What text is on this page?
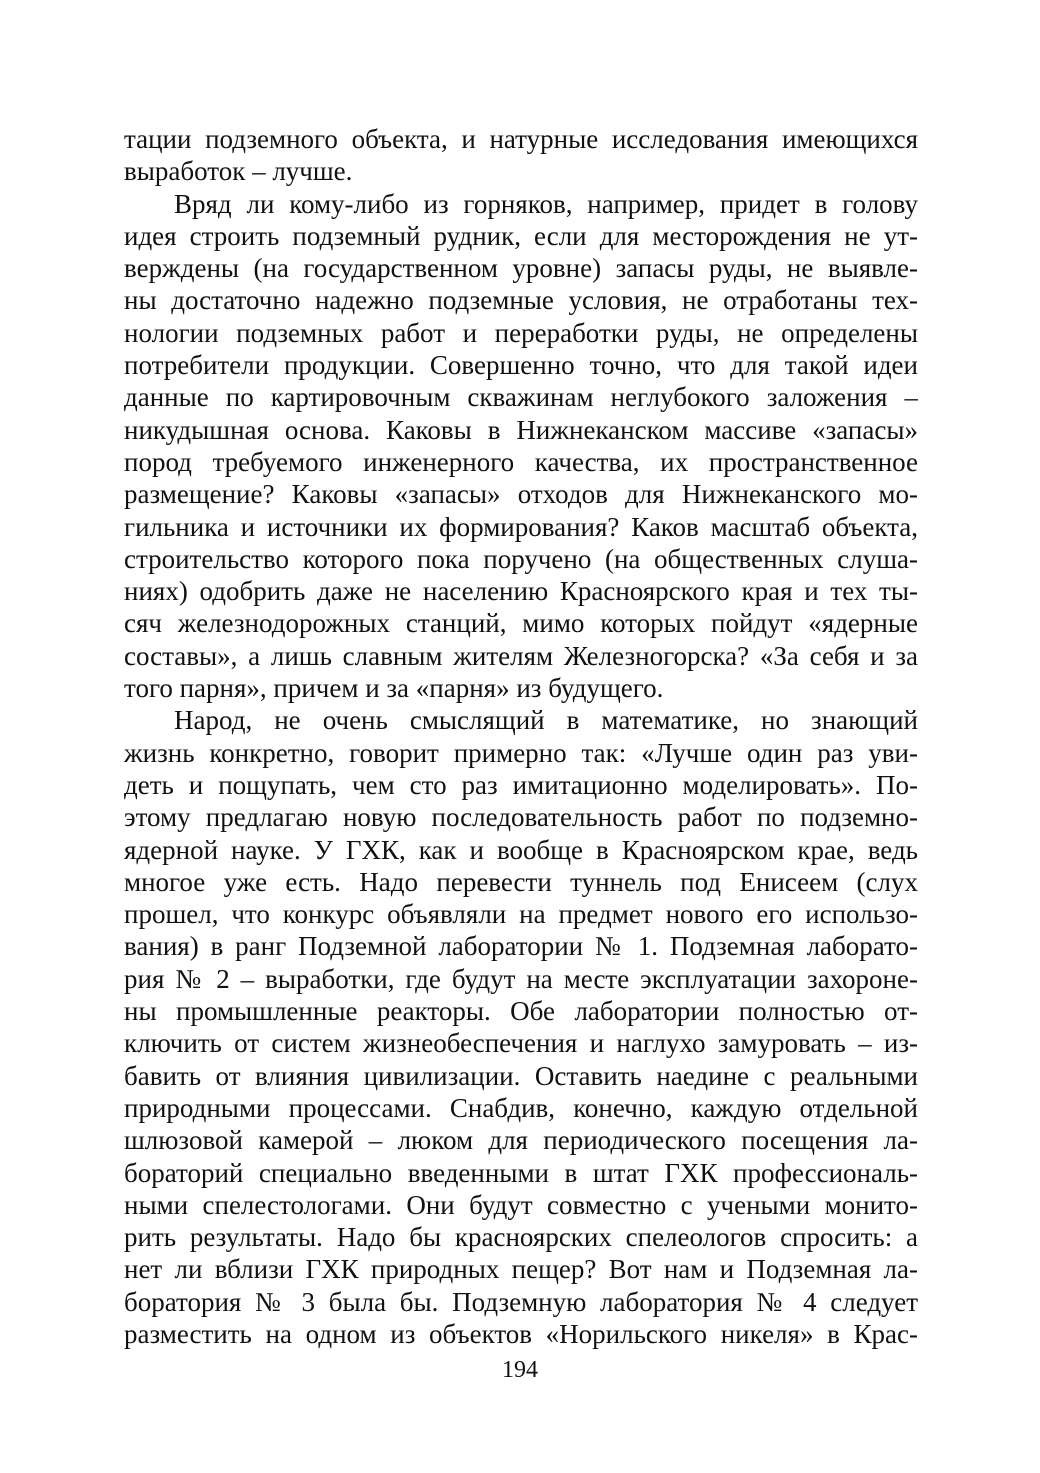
тации подземного объекта, и натурные исследования имеющихся
выработок – лучше.
Вряд ли кому-либо из горняков, например, придет в голову
идея строить подземный рудник, если для месторождения не ут-
верждены (на государственном уровне) запасы руды, не выявле-
ны достаточно надежно подземные условия, не отработаны тех-
нологии подземных работ и переработки руды, не определены
потребители продукции. Совершенно точно, что для такой идеи
данные по картировочным скважинам неглубокого заложения –
никудышная основа. Каковы в Нижнеканском массиве «запасы»
пород требуемого инженерного качества, их пространственное
размещение? Каковы «запасы» отходов для Нижнеканского мо-
гильника и источники их формирования? Каков масштаб объекта,
строительство которого пока поручено (на общественных слуша-
ниях) одобрить даже не населению Красноярского края и тех ты-
сяч железнодорожных станций, мимо которых пойдут «ядерные
составы», а лишь славным жителям Железногорска? «За себя и за
того парня», причем и за «парня» из будущего.
Народ, не очень смыслящий в математике, но знающий
жизнь конкретно, говорит примерно так: «Лучше один раз уви-
деть и пощупать, чем сто раз имитационно моделировать». По-
этому предлагаю новую последовательность работ по подземно-
ядерной науке. У ГХК, как и вообще в Красноярском крае, ведь
многое уже есть. Надо перевести туннель под Енисеем (слух
прошел, что конкурс объявляли на предмет нового его использо-
вания) в ранг Подземной лаборатории № 1. Подземная лаборато-
рия № 2 – выработки, где будут на месте эксплуатации захороне-
ны промышленные реакторы. Обе лаборатории полностью от-
ключить от систем жизнеобеспечения и наглухо замуровать – из-
бавить от влияния цивилизации. Оставить наедине с реальными
природными процессами. Снабдив, конечно, каждую отдельной
шлюзовой камерой – люком для периодического посещения ла-
бораторий специально введенными в штат ГХК профессиональ-
ными спелестологами. Они будут совместно с учеными монито-
рить результаты. Надо бы красноярских спелеологов спросить: а
нет ли вблизи ГХК природных пещер? Вот нам и Подземная ла-
боратория № 3 была бы. Подземную лаборатория № 4 следует
разместить на одном из объектов «Норильского никеля» в Крас-
194
